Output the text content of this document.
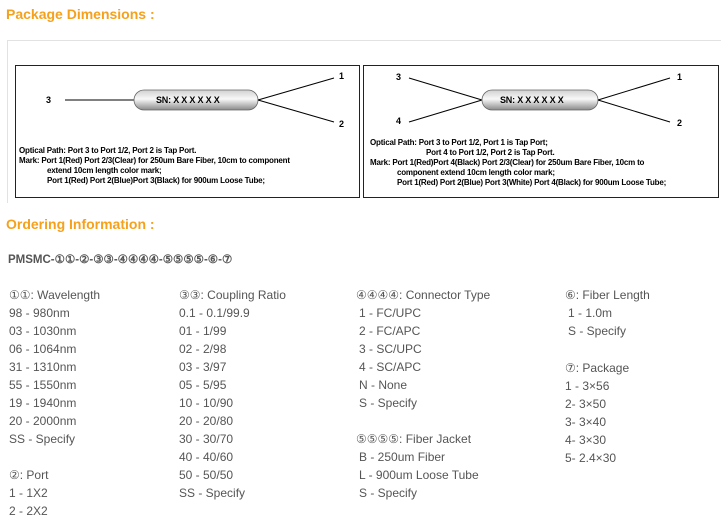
Package Dimensions :
3	SN: X X X X X X
1
2
Optical Path: Port 3 to Port 1/2, Port 2 is Tap Port.
Mark: Port 1(Red) Port 2/3(Clear) for 250um Bare Fiber, 10cm to component
extend 10cm length color mark;
Port 1(Red) Port 2(Blue)Port 3(Black) for 900um Loose Tube;
3
4
SN: X X X X X X
1
2
Optical Path: Port 3 to Port 1/2, Port 1 is Tap Port;
Port 4 to Port 1/2, Port 2 is Tap Port.
Mark: Port 1(Red)Port 4(Black) Port 2/3(Clear) for 250um Bare Fiber, 10cm to
component extend 10cm length color mark;
Port 1(Red) Port 2(Blue) Port 3(White) Port 4(Black) for 900um Loose Tube;
Ordering Information :
PMSMC-①①-②-③③-④④④④-⑤⑤⑤⑤-⑥-⑦
①①: Wavelength
98 - 980nm
03 - 1030nm
06 - 1064nm
31 - 1310nm
55 - 1550nm
19 - 1940nm
20 - 2000nm
SS - Specify
②: Port
1 - 1X2
2 - 2X2
③③: Coupling Ratio
0.1 - 0.1/99.9
01 - 1/99
02 - 2/98
03 - 3/97
05 - 5/95
10 - 10/90
20 - 20/80
30 - 30/70
40 - 40/60
50 - 50/50
SS - Specify
④④④④: Connector Type
1 - FC/UPC
2 - FC/APC
3 - SC/UPC
4 - SC/APC
N - None
S - Specify
⑤⑤⑤⑤: Fiber Jacket
B - 250um Fiber
L - 900um Loose Tube
S - Specify
⑥: Fiber Length
1 - 1.0m
S - Specify
⑦: Package
1 - 3×56
2- 3×50
3- 3×40
4- 3×30
5- 2.4×30
